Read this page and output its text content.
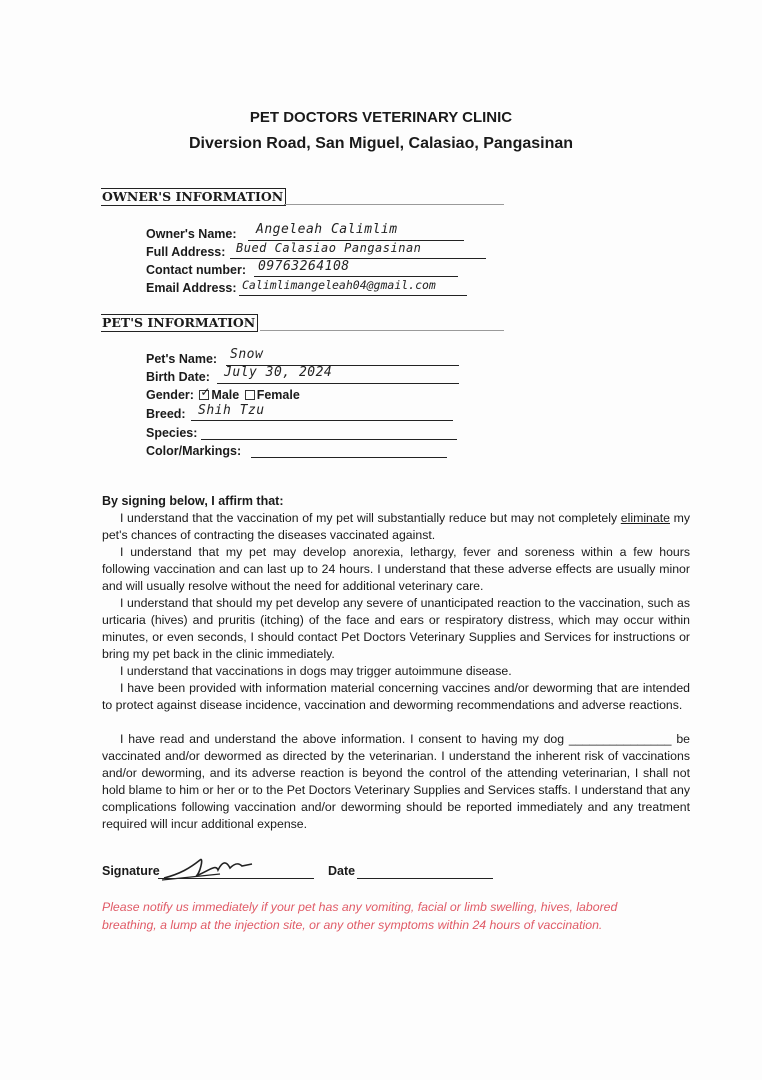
PET DOCTORS VETERINARY CLINIC
Diversion Road, San Miguel, Calasiao, Pangasinan
OWNER'S INFORMATION
Owner's Name: Angeleah Calimlim
Full Address: Bued Calasiao Pangasinan
Contact number: 09763264108
Email Address: Calimlimangeleah04@gmail.com
PET'S INFORMATION
Pet's Name: Snow
Birth Date: July 30, 2024
Gender: ✓ Male Female
Breed: Shih Tzu
Species:
Color/Markings:
By signing below, I affirm that:
I understand that the vaccination of my pet will substantially reduce but may not completely eliminate my pet's chances of contracting the diseases vaccinated against.
I understand that my pet may develop anorexia, lethargy, fever and soreness within a few hours following vaccination and can last up to 24 hours. I understand that these adverse effects are usually minor and will usually resolve without the need for additional veterinary care.
I understand that should my pet develop any severe of unanticipated reaction to the vaccination, such as urticaria (hives) and pruritis (itching) of the face and ears or respiratory distress, which may occur within minutes, or even seconds, I should contact Pet Doctors Veterinary Supplies and Services for instructions or bring my pet back in the clinic immediately.
I understand that vaccinations in dogs may trigger autoimmune disease.
I have been provided with information material concerning vaccines and/or deworming that are intended to protect against disease incidence, vaccination and deworming recommendations and adverse reactions.
I have read and understand the above information. I consent to having my dog _______________ be vaccinated and/or dewormed as directed by the veterinarian. I understand the inherent risk of vaccinations and/or deworming, and its adverse reaction is beyond the control of the attending veterinarian, I shall not hold blame to him or her or to the Pet Doctors Veterinary Supplies and Services staffs. I understand that any complications following vaccination and/or deworming should be reported immediately and any treatment required will incur additional expense.
Signature	Date
Please notify us immediately if your pet has any vomiting, facial or limb swelling, hives, labored breathing, a lump at the injection site, or any other symptoms within 24 hours of vaccination.
